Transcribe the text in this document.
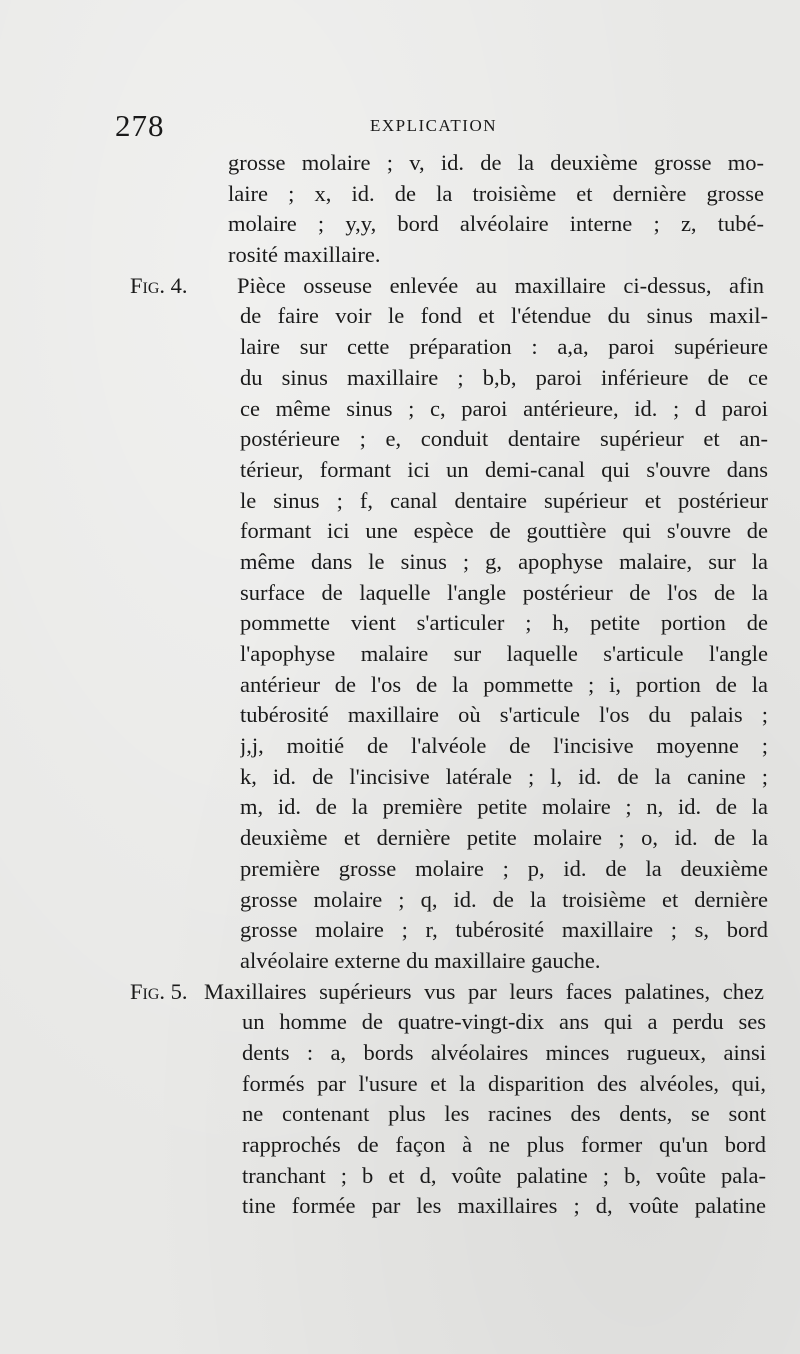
278	EXPLICATION
grosse molaire ; v, id. de la deuxième grosse mo-
laire ; x, id. de la troisième et dernière grosse
molaire ; y,y, bord alvéolaire interne ; z, tubé-
rosité maxillaire.
Fig. 4. Pièce osseuse enlevée au maxillaire ci-dessus, afin
de faire voir le fond et l'étendue du sinus maxil-
laire sur cette préparation : a,a, paroi supérieure
du sinus maxillaire ; b,b, paroi inférieure de ce
ce même sinus ; c, paroi antérieure, id. ; d paroi
postérieure ; e, conduit dentaire supérieur et an-
térieur, formant ici un demi-canal qui s'ouvre dans
le sinus ; f, canal dentaire supérieur et postérieur
formant ici une espèce de gouttière qui s'ouvre de
même dans le sinus ; g, apophyse malaire, sur la
surface de laquelle l'angle postérieur de l'os de la
pommette vient s'articuler ; h, petite portion de
l'apophyse malaire sur laquelle s'articule l'angle
antérieur de l'os de la pommette ; i, portion de la
tubérosité maxillaire où s'articule l'os du palais ;
j,j, moitié de l'alvéole de l'incisive moyenne ;
k, id. de l'incisive latérale ; l, id. de la canine ;
m, id. de la première petite molaire ; n, id. de la
deuxième et dernière petite molaire ; o, id. de la
première grosse molaire ; p, id. de la deuxième
grosse molaire ; q, id. de la troisième et dernière
grosse molaire ; r, tubérosité maxillaire ; s, bord
alvéolaire externe du maxillaire gauche.
Fig. 5. Maxillaires supérieurs vus par leurs faces palatines, chez
un homme de quatre-vingt-dix ans qui a perdu ses
dents : a, bords alvéolaires minces rugueux, ainsi
formés par l'usure et la disparition des alvéoles, qui,
ne contenant plus les racines des dents, se sont
rapprochés de façon à ne plus former qu'un bord
tranchant ; b et d, voûte palatine ; b, voûte pala-
tine formée par les maxillaires ; d, voûte palatine
